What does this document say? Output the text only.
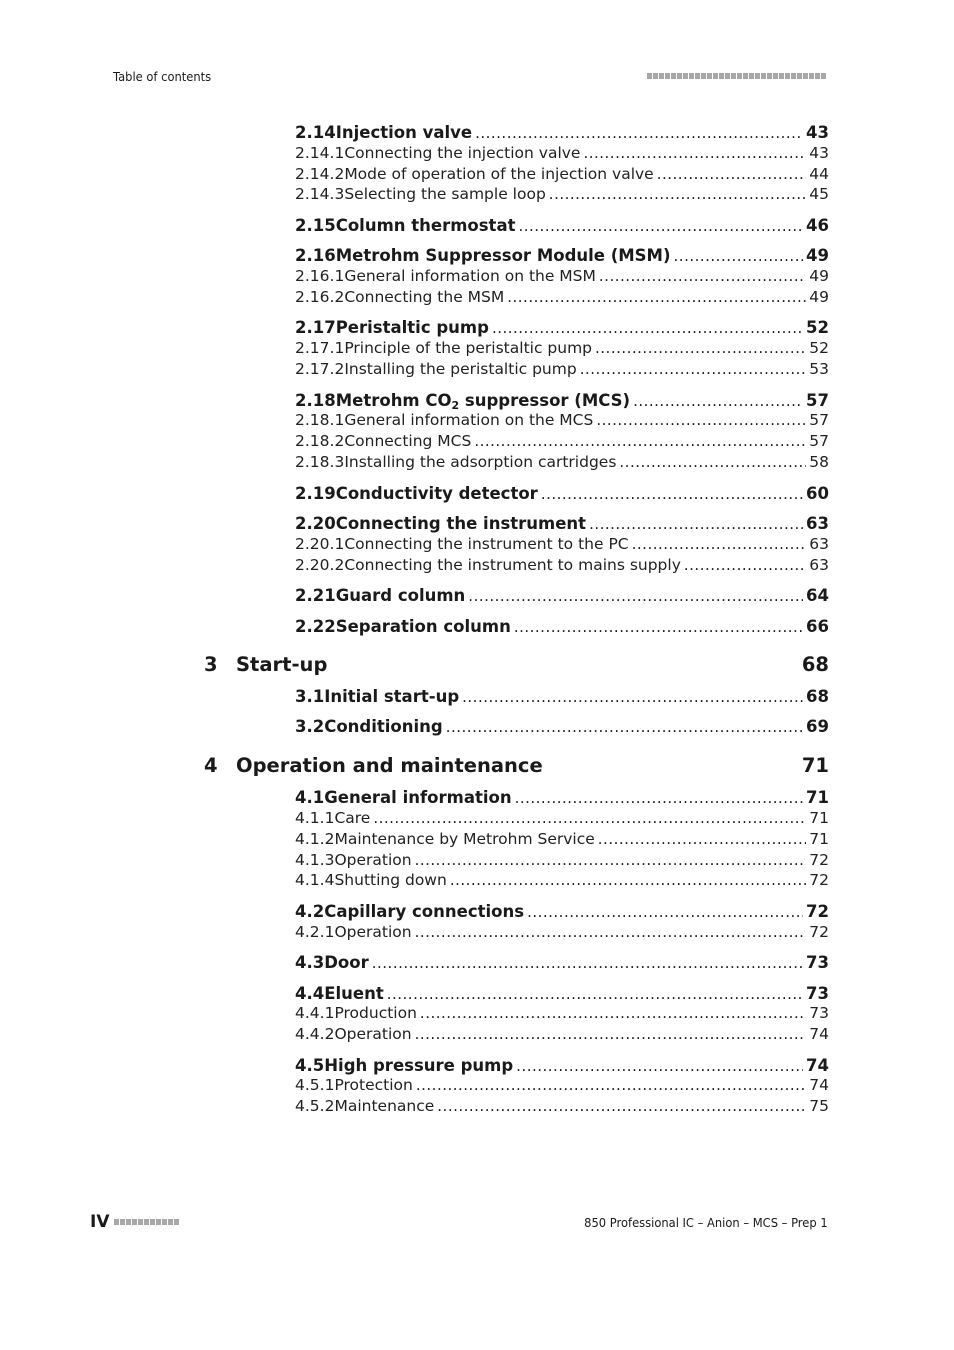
Table of contents
2.14 Injection valve .....	43
2.14.1 Connecting the injection valve .....	43
2.14.2 Mode of operation of the injection valve .....	44
2.14.3 Selecting the sample loop .....	45
2.15 Column thermostat .....	46
2.16 Metrohm Suppressor Module (MSM) .....	49
2.16.1 General information on the MSM .....	49
2.16.2 Connecting the MSM .....	49
2.17 Peristaltic pump .....	52
2.17.1 Principle of the peristaltic pump .....	52
2.17.2 Installing the peristaltic pump .....	53
2.18 Metrohm $CO_2$ suppressor (MCS) .....	57
2.18.1 General information on the MCS .....	57
2.18.2 Connecting MCS .....	57
2.18.3 Installing the adsorption cartridges .....	58
2.19 Conductivity detector .....	60
2.20 Connecting the instrument .....	63
2.20.1 Connecting the instrument to the PC .....	63
2.20.2 Connecting the instrument to mains supply .....	63
2.21 Guard column .....	64
2.22 Separation column .....	66
3 Start-up	68
3.1 Initial start-up .....	68
3.2 Conditioning .....	69
4 Operation and maintenance	71
4.1 General information .....	71
4.1.1 Care .....	71
4.1.2 Maintenance by Metrohm Service .....	71
4.1.3 Operation .....	72
4.1.4 Shutting down .....	72
4.2 Capillary connections .....	72
4.2.1 Operation .....	72
4.3 Door .....	73
4.4 Eluent .....	73
4.4.1 Production .....	73
4.4.2 Operation .....	74
4.5 High pressure pump .....	74
4.5.1 Protection .....	74
4.5.2 Maintenance .....	75
IV	850 Professional IC – Anion – MCS – Prep 1
